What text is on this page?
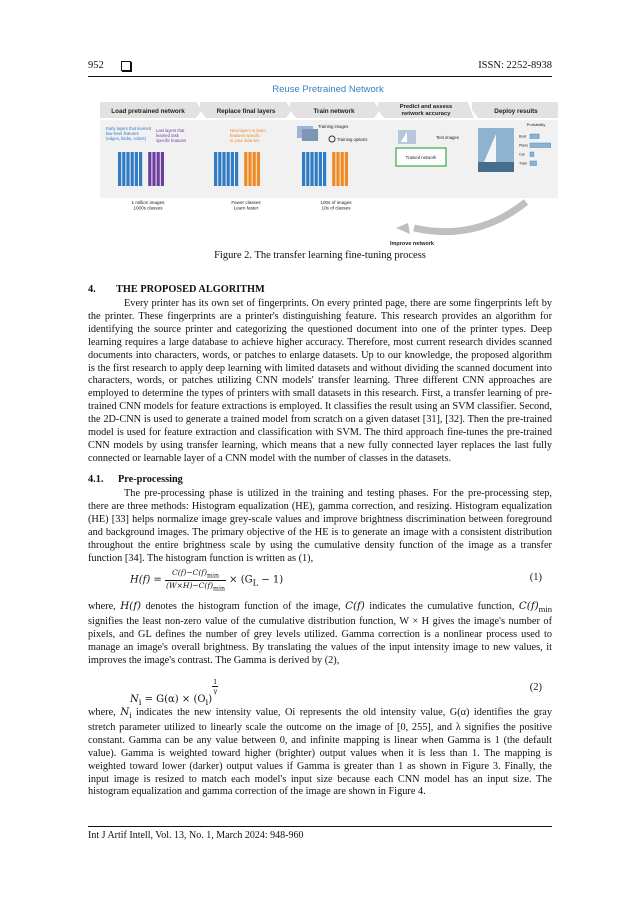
952	ISSN: 2252-8938
Reuse Pretrained Network
Load pretrained network	Replace final layers	Train network
Predict and assess network accuracy	Deploy results
Early layers that learned low-level features (edges, blobs, colors)
Last layers that learned task specific features
...
1 million images 1000s classes
New layers to learn features specific to your data set
Fewer classes Learn faster
Training images
Training options
100s of images 10s of classes
Test images
Trained network
Probability
Boat
Plane
Car
Train
Improve network
Figure 2. The transfer learning fine-tuning process
4. THE PROPOSED ALGORITHM
Every printer has its own set of fingerprints. On every printed page, there are some fingerprints left by the printer. These fingerprints are a printer's distinguishing feature. This research provides an algorithm for identifying the source printer and categorizing the questioned document into one of the printer types. Deep learning requires a large database to achieve higher accuracy. Therefore, most current research divides scanned documents into characters, words, or patches to enlarge datasets. Up to our knowledge, the proposed algorithm is the first research to apply deep learning with limited datasets and without dividing the scanned document into characters, words, or patches utilizing CNN models' transfer learning. Three different CNN approaches are employed to determine the types of printers with small datasets in this research. First, a transfer learning of pre-trained CNN models for feature extractions is employed. It classifies the result using an SVM classifier. Second, the 2D-CNN is used to generate a trained model from scratch on a given dataset [31], [32]. Then the pre-trained model is used for feature extraction and classification with SVM. The third approach fine-tunes the pre-trained CNN models by using transfer learning, which means that a new fully connected layer replaces the last fully connected or learnable layer of a CNN model with the number of classes in the datasets.
4.1. Pre-processing
The pre-processing phase is utilized in the training and testing phases. For the pre-processing step, there are three methods: Histogram equalization (HE), gamma correction, and resizing. Histogram equalization (HE) [33] helps normalize image grey-scale values and improve brightness discrimination between foreground and background images. The primary objective of the HE is to generate an image with a consistent distribution throughout the entire brightness scale by using the cumulative density function of the image as a transfer function [34]. The histogram function is written as (1),
$H(f) = \frac{C(f)-C(f)_{min}}{(W\times H)-C(f)_{min}} \times (G_L - 1)$	(1)
where, H(f) denotes the histogram function of the image, C(f) indicates the cumulative function, $C(f)_{min}$ signifies the least non-zero value of the cumulative distribution function, W × H gives the image's number of pixels, and GL defines the number of grey levels utilized. Gamma correction is a nonlinear process used to manage an image's overall brightness. By translating the values of the input intensity image to new values, it improves the image's contrast. The Gamma is derived by (2),
$N_i = G(\alpha) \times (O_i)$
$^{\frac{1}{\gamma}}$	(2)
where, $N_i$ indicates the new intensity value, Oi represents the old intensity value, G(α) identifies the gray stretch parameter utilized to linearly scale the outcome on the image of [0, 255], and λ signifies the positive constant. Gamma can be any value between 0, and infinite mapping is linear when Gamma is 1 (the default value). Gamma is weighted toward higher (brighter) output values when it is less than 1. The mapping is weighted toward lower (darker) output values if Gamma is greater than 1 as shown in Figure 3. Finally, the input image is resized to match each model's input size because each CNN model has an input size. The histogram equalization and gamma correction of the image are shown in Figure 4.
Int J Artif Intell, Vol. 13, No. 1, March 2024: 948-960
